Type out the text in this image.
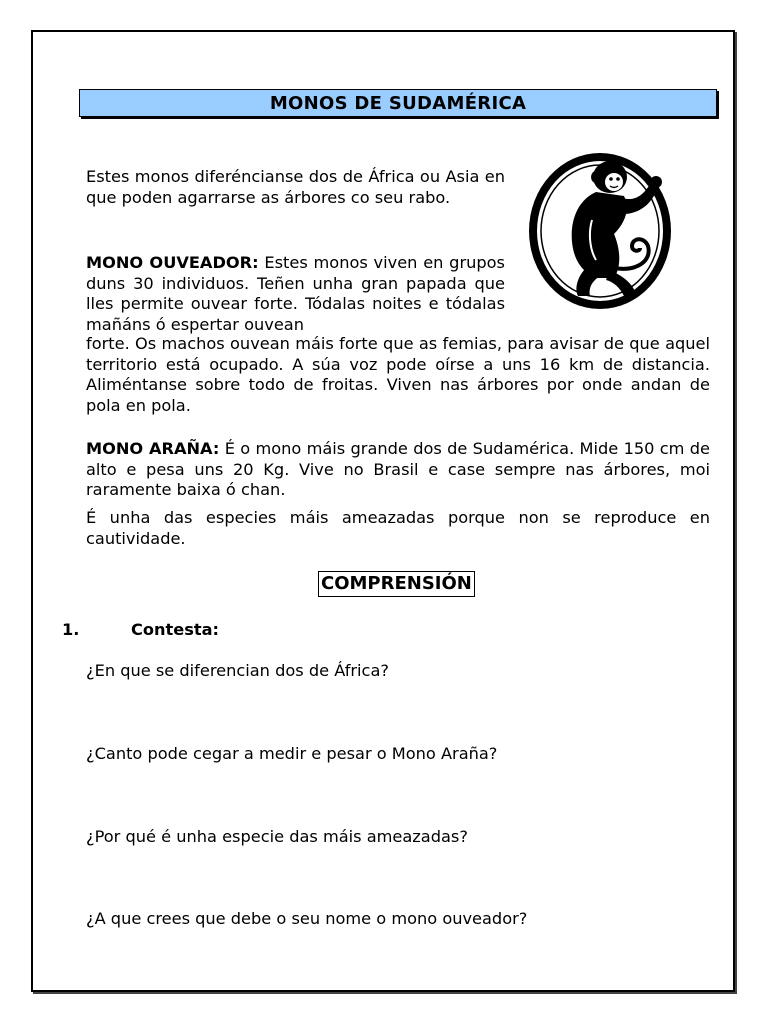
MONOS DE SUDAMÉRICA
Estes monos diferéncianse dos de África ou Asia en que poden agarrarse as árbores co seu rabo.
MONO OUVEADOR: Estes monos viven en grupos duns 30 individuos. Teñen unha gran papada que lles permite ouvear forte. Tódalas noites e tódalas mañáns ó espertar ouvean
forte. Os machos ouvean máis forte que as femias, para avisar de que aquel territorio está ocupado. A súa voz pode oírse a uns 16 km de distancia. Aliméntanse sobre todo de froitas. Viven nas árbores por onde andan de pola en pola.
MONO ARAÑA: É o mono máis grande dos de Sudamérica. Mide 150 cm de alto e pesa uns 20 Kg. Vive no Brasil e case sempre nas árbores, moi raramente baixa ó chan.
É unha das especies máis ameazadas porque non se reproduce en cautividade.
COMPRENSIÓN
1.	Contesta:
¿En que se diferencian dos de África?
¿Canto pode cegar a medir e pesar o Mono Araña?
¿Por qué é unha especie das máis ameazadas?
¿A que crees que debe o seu nome o mono ouveador?
